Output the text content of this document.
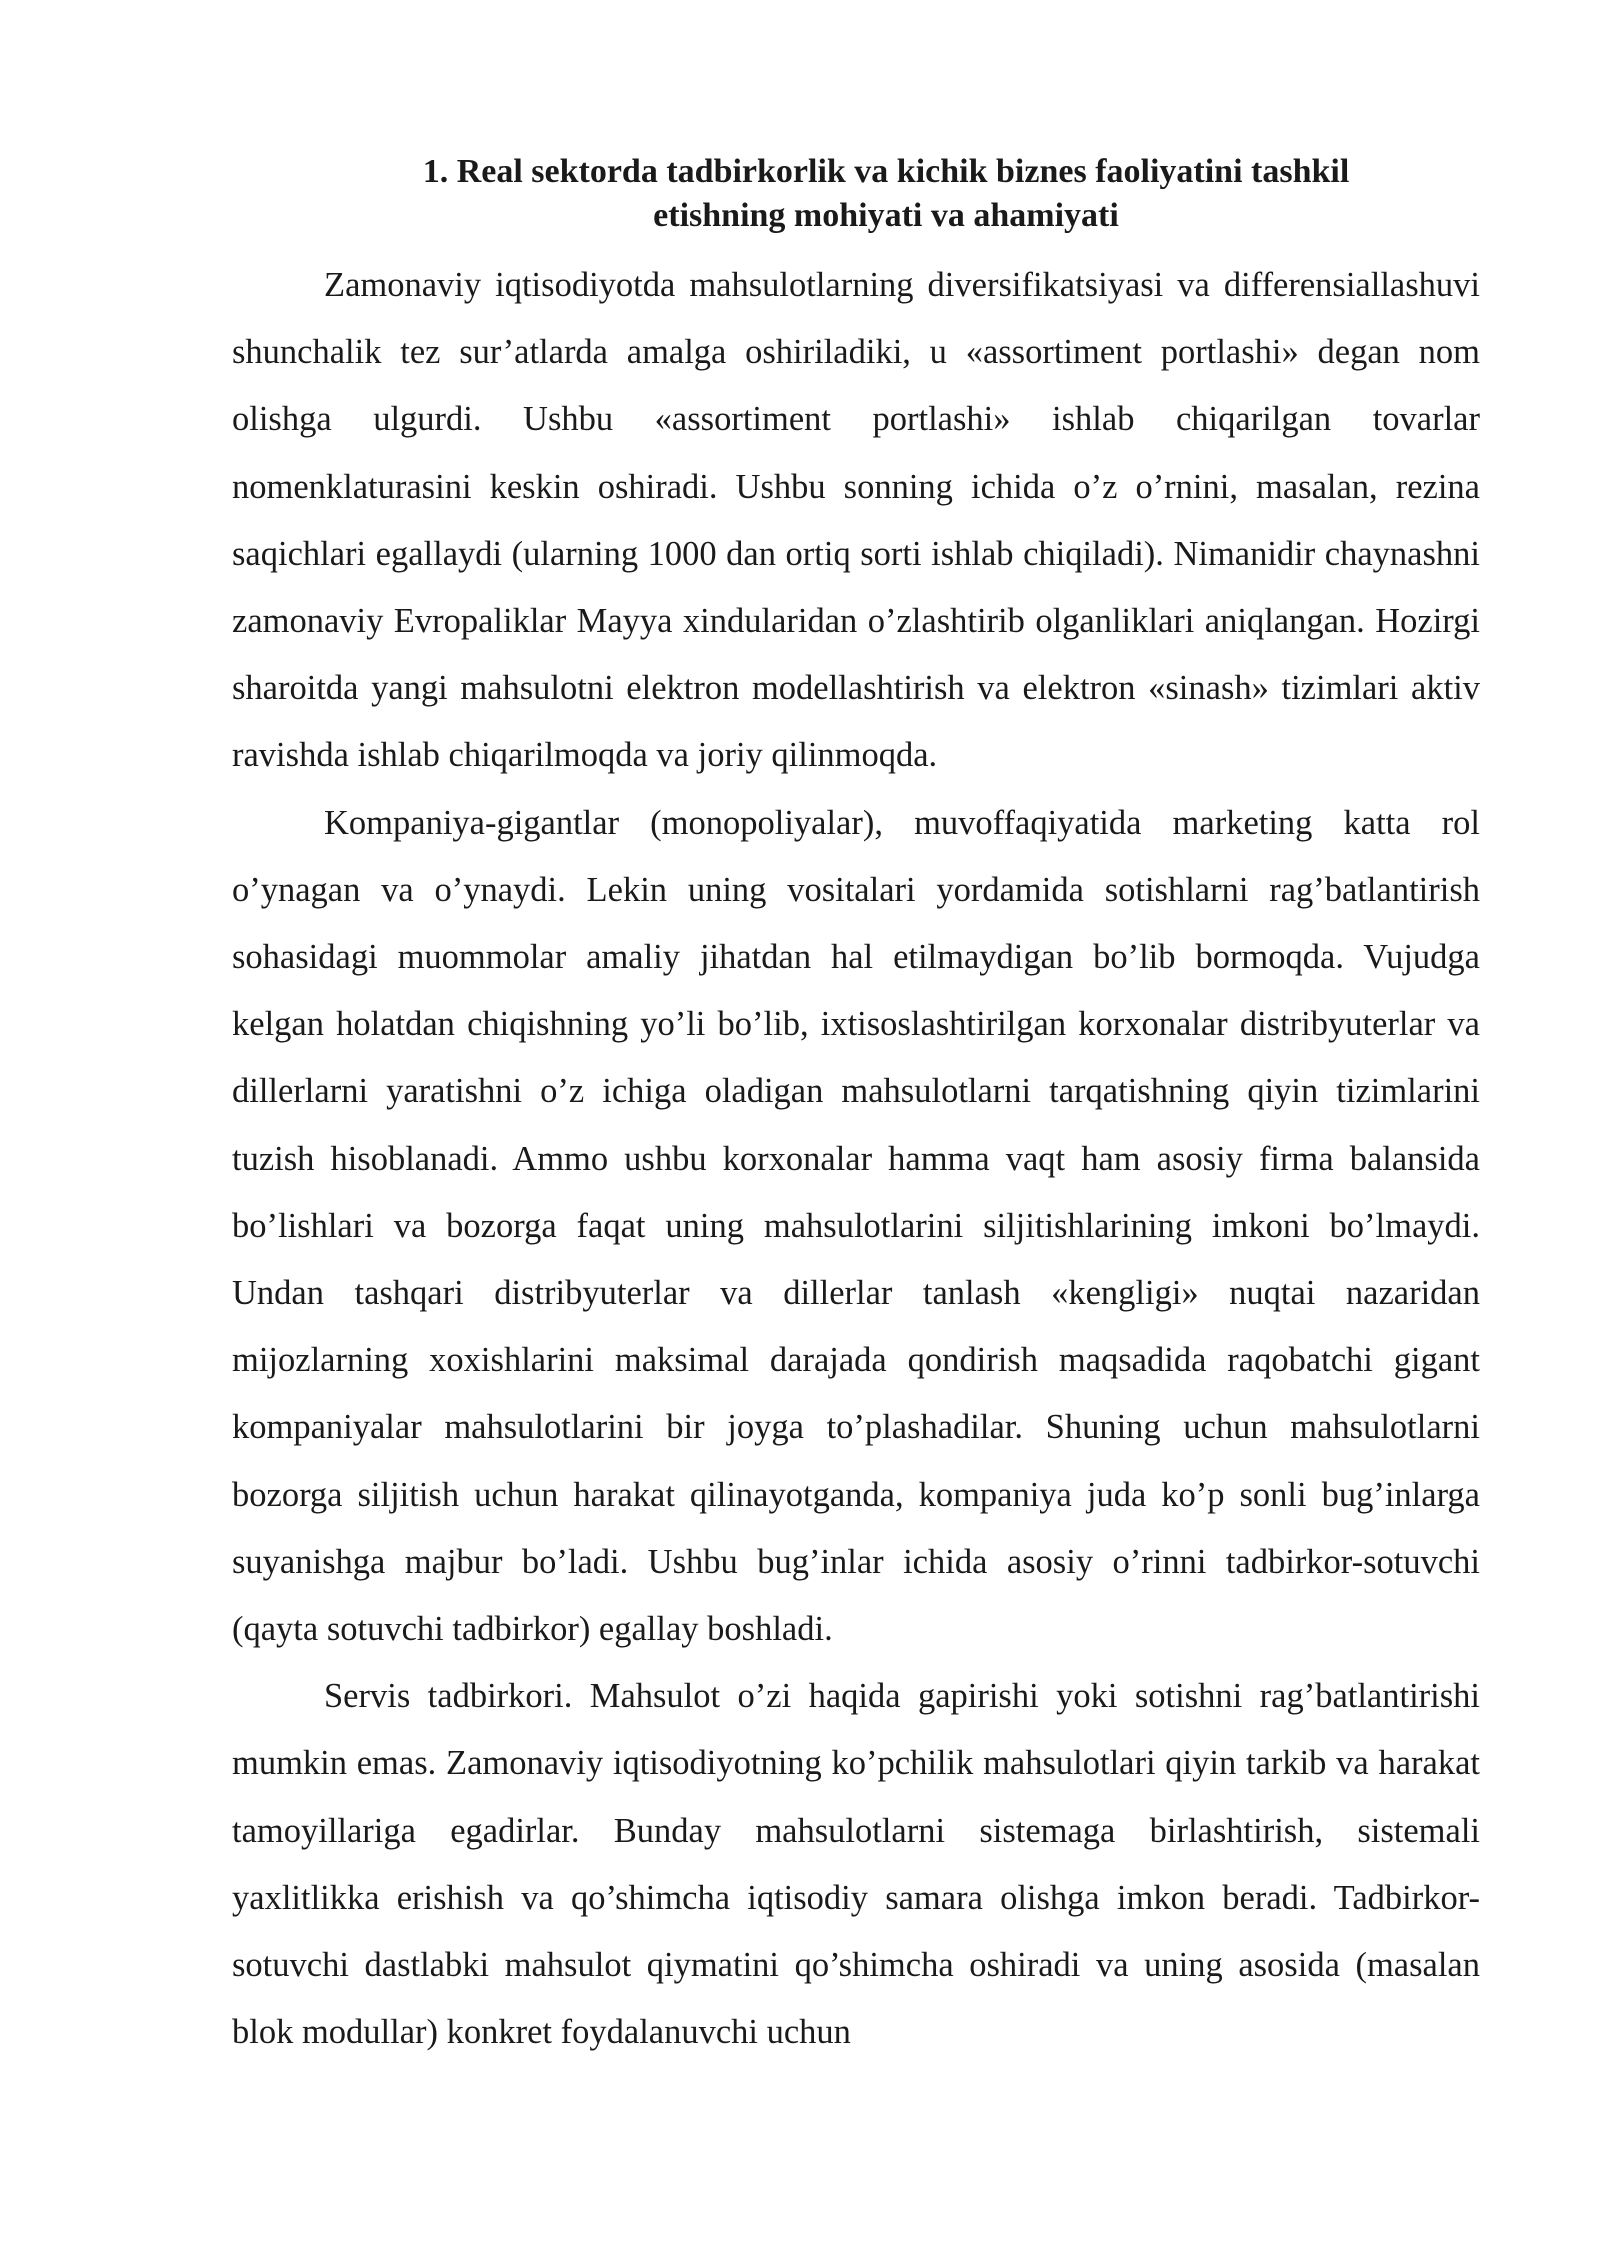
1. Real sektorda tadbirkorlik va kichik biznes faoliyatini tashkil
etishning mohiyati va ahamiyati

Zamonaviy iqtisodiyotda mahsulotlarning diversifikatsiyasi va differensiallashuvi shunchalik tez sur’atlarda amalga oshiriladiki, u «assortiment portlashi» degan nom olishga ulgurdi. Ushbu «assortiment portlashi» ishlab chiqarilgan tovarlar nomenklaturasini keskin oshiradi. Ushbu sonning ichida o’z o’rnini, masalan, rezina saqichlari egallaydi (ularning 1000 dan ortiq sorti ishlab chiqiladi). Nimanidir chaynashni zamonaviy Evropaliklar Mayya xindularidan o’zlashtirib olganliklari aniqlangan. Hozirgi sharoitda yangi mahsulotni elektron modellashtirish va elektron «sinash» tizimlari aktiv ravishda ishlab chiqarilmoqda va joriy qilinmoqda.

Kompaniya-gigantlar (monopoliyalar), muvoffaqiyatida marketing katta rol o’ynagan va o’ynaydi. Lekin uning vositalari yordamida sotishlarni rag’batlantirish sohasidagi muommolar amaliy jihatdan hal etilmaydigan bo’lib bormoqda. Vujudga kelgan holatdan chiqishning yo’li bo’lib, ixtisoslashtirilgan korxonalar distribyuterlar va dillerlarni yaratishni o’z ichiga oladigan mahsulotlarni tarqatishning qiyin tizimlarini tuzish hisoblanadi. Ammo ushbu korxonalar hamma vaqt ham asosiy firma balansida bo’lishlari va bozorga faqat uning mahsulotlarini siljitishlarining imkoni bo’lmaydi. Undan tashqari distribyuterlar va dillerlar tanlash «kengligi» nuqtai nazaridan mijozlarning xoxishlarini maksimal darajada qondirish maqsadida raqobatchi gigant kompaniyalar mahsulotlarini bir joyga to’plashadilar. Shuning uchun mahsulotlarni bozorga siljitish uchun harakat qilinayotganda, kompaniya juda ko’p sonli bug’inlarga suyanishga majbur bo’ladi. Ushbu bug’inlar ichida asosiy o’rinni tadbirkor-sotuvchi (qayta sotuvchi tadbirkor) egallay boshladi.

Servis tadbirkori. Mahsulot o’zi haqida gapirishi yoki sotishni rag’batlantirishi mumkin emas. Zamonaviy iqtisodiyotning ko’pchilik mahsulotlari qiyin tarkib va harakat tamoyillariga egadirlar. Bunday mahsulotlarni sistemaga birlashtirish, sistemali yaxlitlikka erishish va qo’shimcha iqtisodiy samara olishga imkon beradi. Tadbirkor-sotuvchi dastlabki mahsulot qiymatini qo’shimcha oshiradi va uning asosida (masalan blok modullar) konkret foydalanuvchi uchun
